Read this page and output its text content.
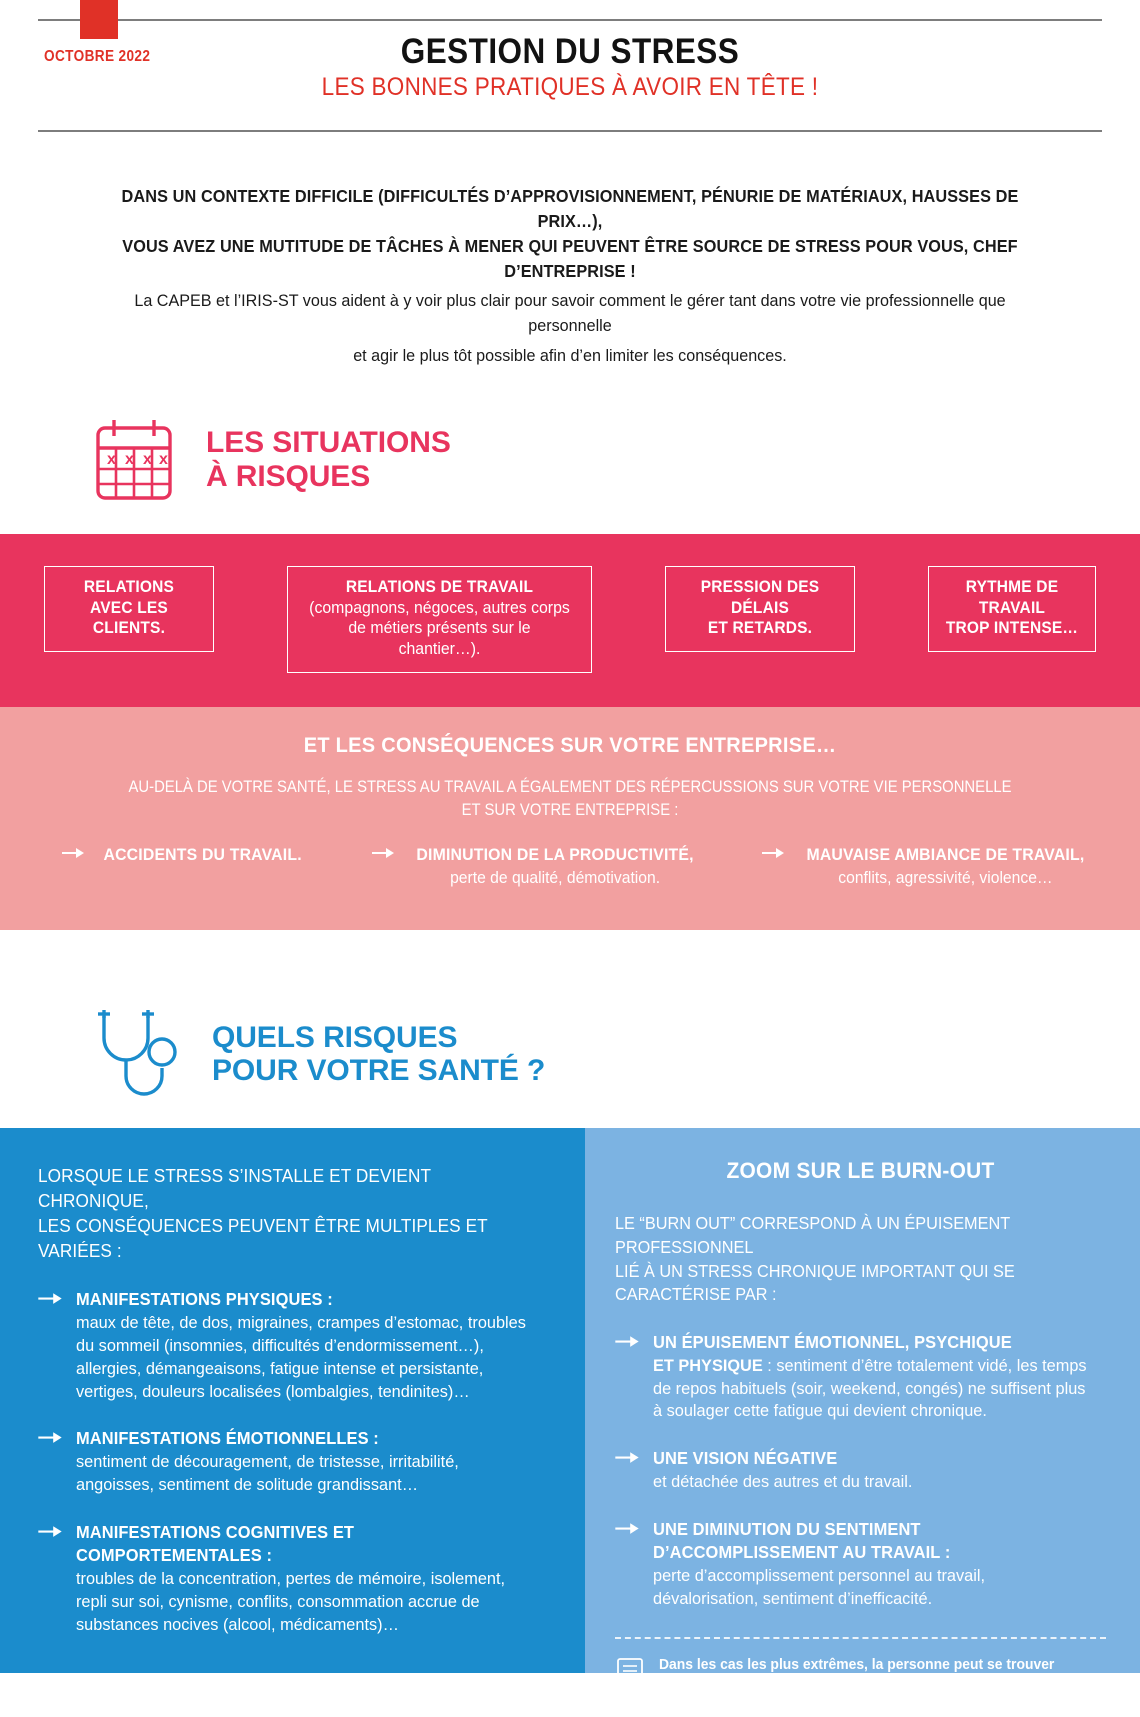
OCTOBRE 2022	GESTION DU STRESS
LES BONNES PRATIQUES À AVOIR EN TÊTE !
DANS UN CONTEXTE DIFFICILE (DIFFICULTÉS D’APPROVISIONNEMENT, PÉNURIE DE MATÉRIAUX, HAUSSES DE PRIX…),
VOUS AVEZ UNE MUTITUDE DE TÂCHES À MENER QUI PEUVENT ÊTRE SOURCE DE STRESS POUR VOUS, CHEF D’ENTREPRISE !
La CAPEB et l’IRIS-ST vous aident à y voir plus clair pour savoir comment le gérer tant dans votre vie professionnelle que personnelle
et agir le plus tôt possible afin d’en limiter les conséquences.
x x x x
LES SITUATIONS
À RISQUES
RELATIONS
AVEC LES CLIENTS.
RELATIONS DE TRAVAIL
(compagnons, négoces, autres corps
de métiers présents sur le chantier…).
PRESSION DES DÉLAIS
ET RETARDS.
RYTHME DE TRAVAIL
TROP INTENSE…
ET LES CONSÉQUENCES SUR VOTRE ENTREPRISE…
AU-DELÀ DE VOTRE SANTÉ, LE STRESS AU TRAVAIL A ÉGALEMENT DES RÉPERCUSSIONS SUR VOTRE VIE PERSONNELLE
ET SUR VOTRE ENTREPRISE :
ACCIDENTS DU TRAVAIL.	DIMINUTION DE LA PRODUCTIVITÉ,
perte de qualité, démotivation.
MAUVAISE AMBIANCE DE TRAVAIL,
conflits, agressivité, violence…
QUELS RISQUES
POUR VOTRE SANTÉ ?
LORSQUE LE STRESS S’INSTALLE ET DEVIENT CHRONIQUE,
LES CONSÉQUENCES PEUVENT ÊTRE MULTIPLES ET VARIÉES :
MANIFESTATIONS PHYSIQUES :
maux de tête, de dos, migraines, crampes d’estomac, troubles du sommeil (insomnies, difficultés d’endormissement…), allergies, démangeaisons, fatigue intense et persistante, vertiges, douleurs localisées (lombalgies, tendinites)…
MANIFESTATIONS ÉMOTIONNELLES :
sentiment de découragement, de tristesse, irritabilité, angoisses, sentiment de solitude grandissant…
MANIFESTATIONS COGNITIVES ET COMPORTEMENTALES :
troubles de la concentration, pertes de mémoire, isolement, repli sur soi, cynisme, conflits, consommation accrue de substances nocives (alcool, médicaments)…
ZOOM SUR LE BURN-OUT
LE “BURN OUT” CORRESPOND À UN ÉPUISEMENT PROFESSIONNEL
LIÉ À UN STRESS CHRONIQUE IMPORTANT QUI SE CARACTÉRISE PAR :
UN ÉPUISEMENT ÉMOTIONNEL, PSYCHIQUE
ET PHYSIQUE : sentiment d’être totalement vidé, les temps de repos habituels (soir, weekend, congés) ne suffisent plus à soulager cette fatigue qui devient chronique.
UNE VISION NÉGATIVE
et détachée des autres et du travail.
UNE DIMINUTION DU SENTIMENT
D’ACCOMPLISSEMENT AU TRAVAIL :
perte d’accomplissement personnel au travail, dévalorisation, sentiment d’inefficacité.
Dans les cas les plus extrêmes, la personne peut se trouver dans un état physique et psychique l'empêchant de poursuivre son activité professionnelle (rupture, écroulement soudain…).
